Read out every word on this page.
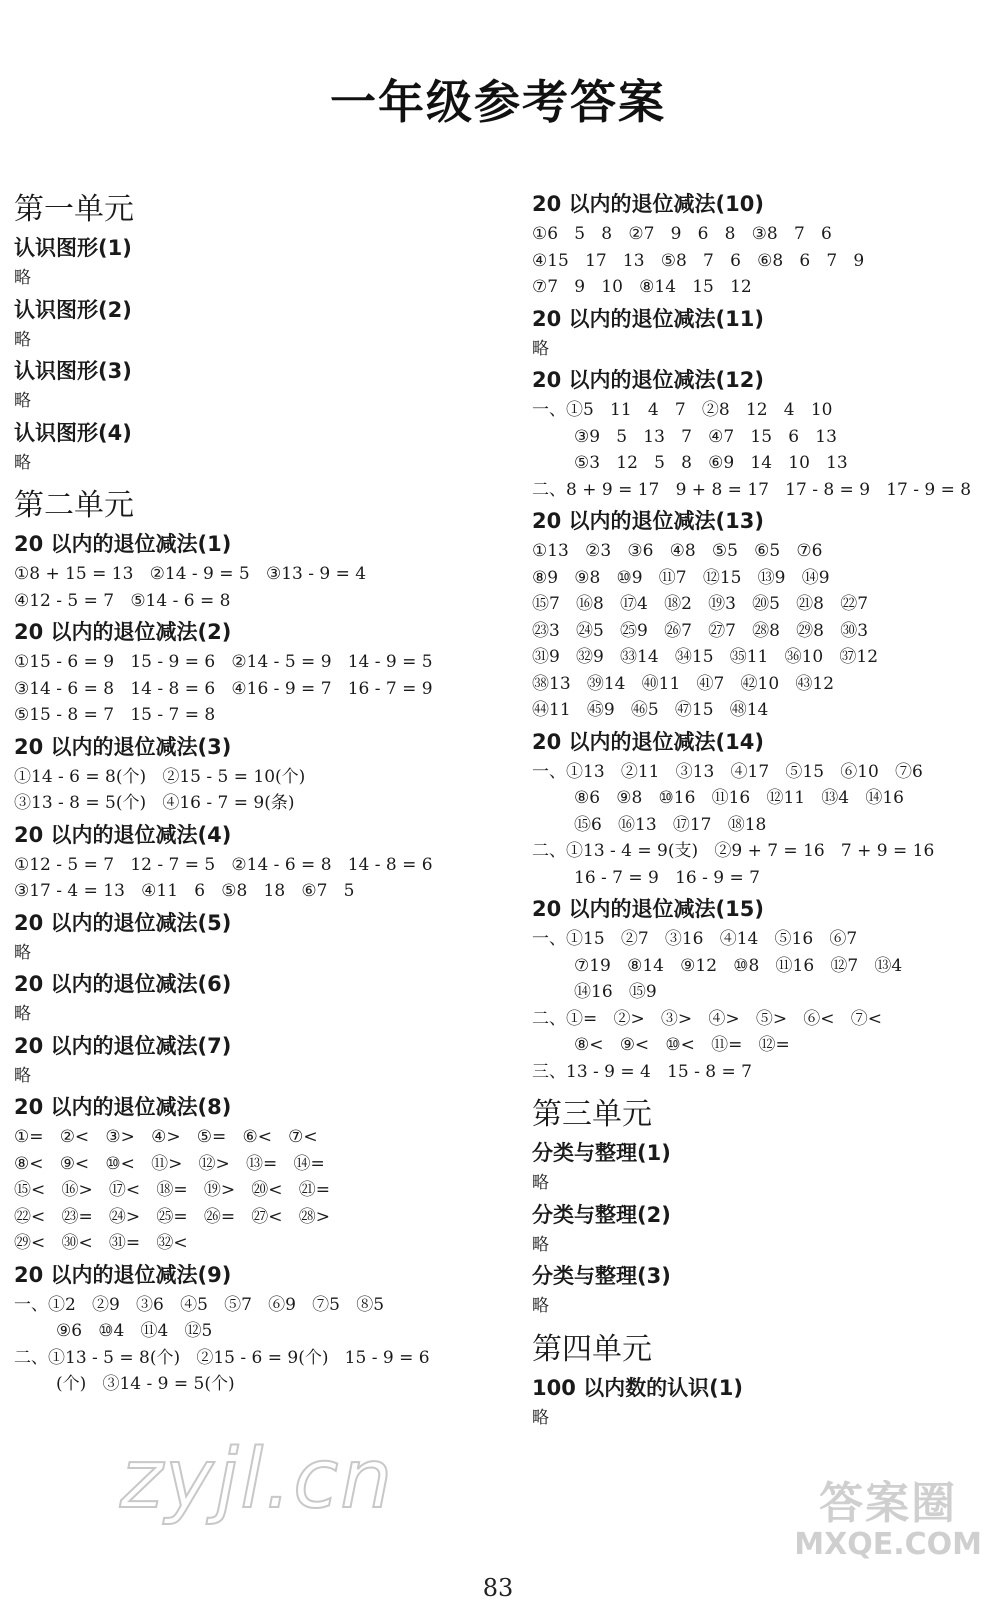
一年级参考答案
第一单元
认识图形(1)
略
认识图形(2)
略
认识图形(3)
略
认识图形(4)
略
第二单元
20 以内的退位减法(1)
①8 + 15 = 13   ②14 - 9 = 5   ③13 - 9 = 4
④12 - 5 = 7   ⑤14 - 6 = 8
20 以内的退位减法(2)
①15 - 6 = 9   15 - 9 = 6   ②14 - 5 = 9   14 - 9 = 5
③14 - 6 = 8   14 - 8 = 6   ④16 - 9 = 7   16 - 7 = 9
⑤15 - 8 = 7   15 - 7 = 8
20 以内的退位减法(3)
①14 - 6 = 8(个)   ②15 - 5 = 10(个)
③13 - 8 = 5(个)   ④16 - 7 = 9(条)
20 以内的退位减法(4)
①12 - 5 = 7   12 - 7 = 5   ②14 - 6 = 8   14 - 8 = 6
③17 - 4 = 13   ④11   6   ⑤8   18   ⑥7   5
20 以内的退位减法(5)
略
20 以内的退位减法(6)
略
20 以内的退位减法(7)
略
20 以内的退位减法(8)
①=   ②<   ③>   ④>   ⑤=   ⑥<   ⑦<
⑧<   ⑨<   ⑩<   ⑪>   ⑫>   ⑬=   ⑭=
⑮<   ⑯>   ⑰<   ⑱=   ⑲>   ⑳<   ㉑=
㉒<   ㉓=   ㉔>   ㉕=   ㉖=   ㉗<   ㉘>
㉙<   ㉚<   ㉛=   ㉜<
20 以内的退位减法(9)
一、①2   ②9   ③6   ④5   ⑤7   ⑥9   ⑦5   ⑧5
⑨6   ⑩4   ⑪4   ⑫5
二、①13 - 5 = 8(个)   ②15 - 6 = 9(个)   15 - 9 = 6
(个)   ③14 - 9 = 5(个)
20 以内的退位减法(10)
①6   5   8   ②7   9   6   8   ③8   7   6
④15   17   13   ⑤8   7   6   ⑥8   6   7   9
⑦7   9   10   ⑧14   15   12
20 以内的退位减法(11)
略
20 以内的退位减法(12)
一、①5   11   4   7   ②8   12   4   10
③9   5   13   7   ④7   15   6   13
⑤3   12   5   8   ⑥9   14   10   13
二、8 + 9 = 17   9 + 8 = 17   17 - 8 = 9   17 - 9 = 8
20 以内的退位减法(13)
①13   ②3   ③6   ④8   ⑤5   ⑥5   ⑦6
⑧9   ⑨8   ⑩9   ⑪7   ⑫15   ⑬9   ⑭9
⑮7   ⑯8   ⑰4   ⑱2   ⑲3   ⑳5   ㉑8   ㉒7
㉓3   ㉔5   ㉕9   ㉖7   ㉗7   ㉘8   ㉙8   ㉚3
㉛9   ㉜9   ㉝14   ㉞15   ㉟11   ㊱10   ㊲12
㊳13   ㊴14   ㊵11   ㊶7   ㊷10   ㊸12
㊹11   ㊺9   ㊻5   ㊼15   ㊽14
20 以内的退位减法(14)
一、①13   ②11   ③13   ④17   ⑤15   ⑥10   ⑦6
⑧6   ⑨8   ⑩16   ⑪16   ⑫11   ⑬4   ⑭16
⑮6   ⑯13   ⑰17   ⑱18
二、①13 - 4 = 9(支)   ②9 + 7 = 16   7 + 9 = 16
16 - 7 = 9   16 - 9 = 7
20 以内的退位减法(15)
一、①15   ②7   ③16   ④14   ⑤16   ⑥7
⑦19   ⑧14   ⑨12   ⑩8   ⑪16   ⑫7   ⑬4
⑭16   ⑮9
二、①=   ②>   ③>   ④>   ⑤>   ⑥<   ⑦<
⑧<   ⑨<   ⑩<   ⑪=   ⑫=
三、13 - 9 = 4   15 - 8 = 7
第三单元
分类与整理(1)
略
分类与整理(2)
略
分类与整理(3)
略
第四单元
100 以内数的认识(1)
略
zyjl.cn	答案圈
MXQE.COM
83
